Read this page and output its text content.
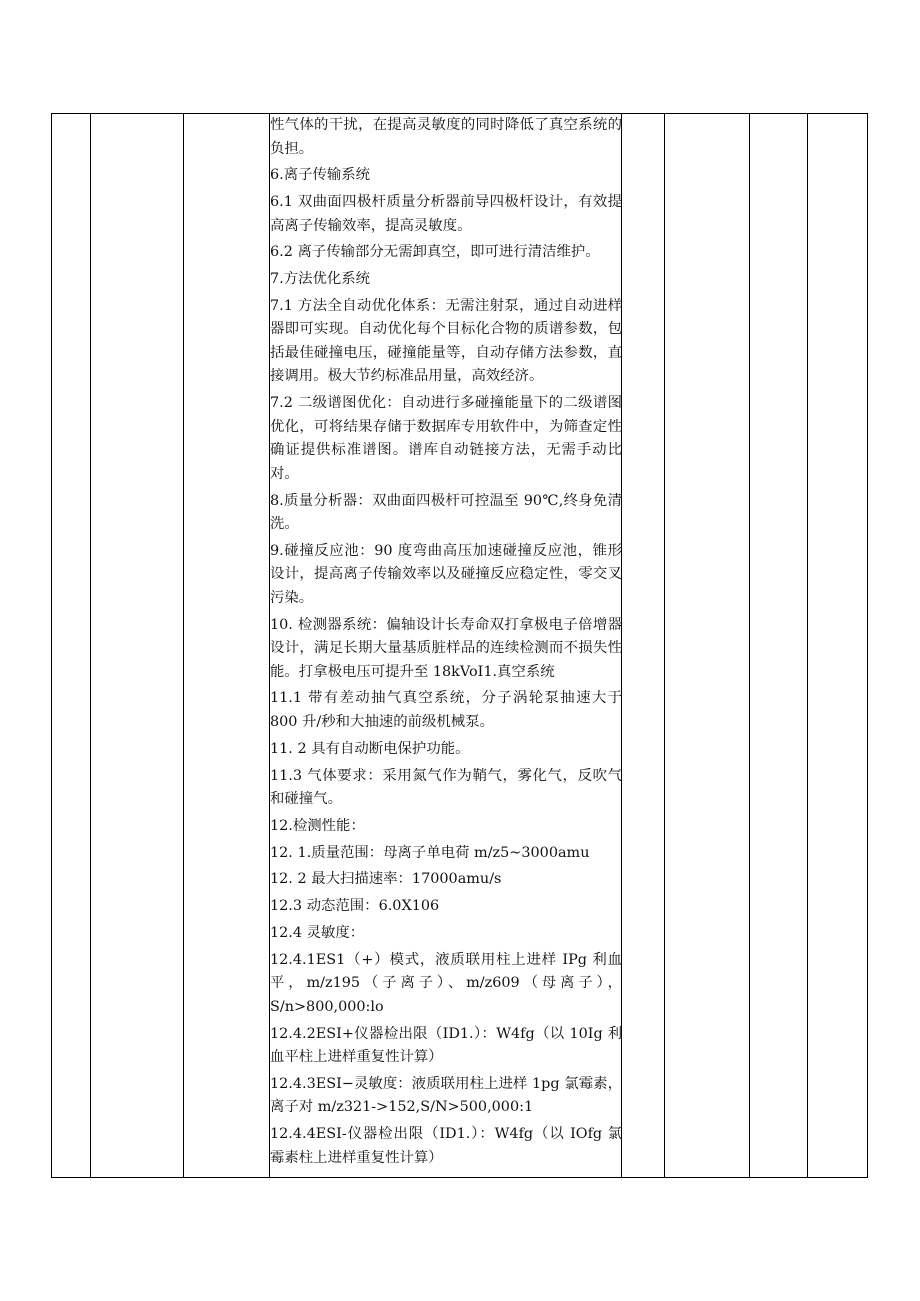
性气体的干扰，在提高灵敏度的同时降低了真空系统的负担。

6.离子传输系统

6.1 双曲面四极杆质量分析器前导四极杆设计，有效提高离子传输效率，提高灵敏度。

6.2 离子传输部分无需卸真空，即可进行清洁维护。

7.方法优化系统

7.1 方法全自动优化体系：无需注射泵，通过自动进样器即可实现。自动优化每个目标化合物的质谱参数，包括最佳碰撞电压，碰撞能量等，自动存储方法参数，直接调用。极大节约标准品用量，高效经济。

7.2 二级谱图优化：自动进行多碰撞能量下的二级谱图优化，可将结果存储于数据库专用软件中，为筛查定性确证提供标准谱图。谱库自动链接方法，无需手动比对。

8.质量分析器：双曲面四极杆可控温至 90℃,终身免清洗。

9.碰撞反应池：90 度弯曲高压加速碰撞反应池，锥形设计，提高离子传输效率以及碰撞反应稳定性，零交叉污染。

10. 检测器系统：偏轴设计长寿命双打拿极电子倍增器设计，满足长期大量基质脏样品的连续检测而不损失性能。打拿极电压可提升至 18kVoI1.真空系统

11.1 带有差动抽气真空系统，分子涡轮泵抽速大于 800 升/秒和大抽速的前级机械泵。

11. 2 具有自动断电保护功能。

11.3 气体要求：采用氮气作为鞘气，雾化气，反吹气和碰撞气。

12.检测性能：

12. 1.质量范围：母离子单电荷 m/z5~3000amu

12. 2 最大扫描速率：17000amu/s

12.3 动态范围：6.0X106

12.4 灵敏度：

12.4.1ES1（+）模式，液质联用柱上进样 IPg 利血平，m/z195（子离子）、m/z609（母离子），S/n>800,000:lo

12.4.2ESI+仪器检出限（ID1.）：W4fg（以 10Ig 利血平柱上进样重复性计算）

12.4.3ESI−灵敏度：液质联用柱上进样 1pg 氯霉素，离子对 m/z321->152,S/N>500,000:1

12.4.4ESI-仪器检出限（ID1.）：W4fg（以 IOfg 氯霉素柱上进样重复性计算）
